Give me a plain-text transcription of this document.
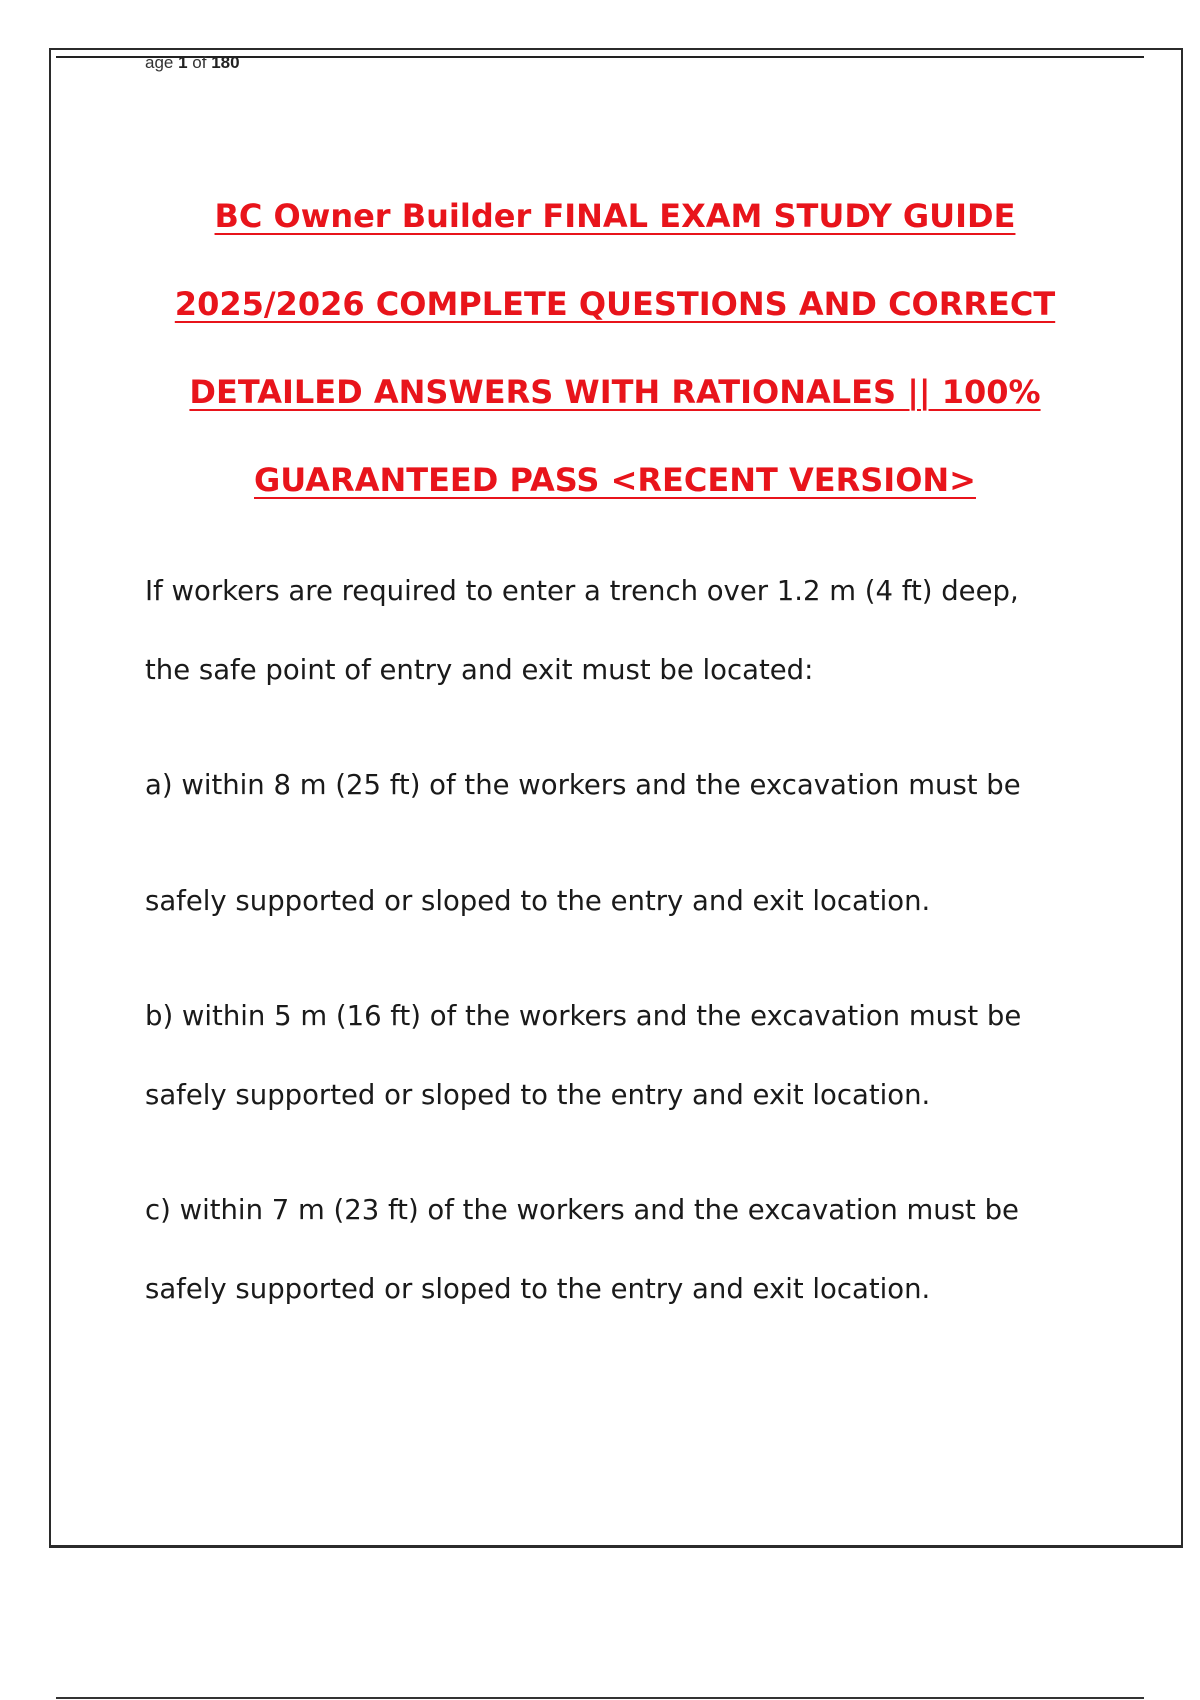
age 1 of 180
BC Owner Builder FINAL EXAM STUDY GUIDE
2025/2026 COMPLETE QUESTIONS AND CORRECT
DETAILED ANSWERS WITH RATIONALES || 100%
GUARANTEED PASS <RECENT VERSION>
If workers are required to enter a trench over 1.2 m (4 ft) deep,
the safe point of entry and exit must be located:
a) within 8 m (25 ft) of the workers and the excavation must be
safely supported or sloped to the entry and exit location.
b) within 5 m (16 ft) of the workers and the excavation must be
safely supported or sloped to the entry and exit location.
c) within 7 m (23 ft) of the workers and the excavation must be
safely supported or sloped to the entry and exit location.
